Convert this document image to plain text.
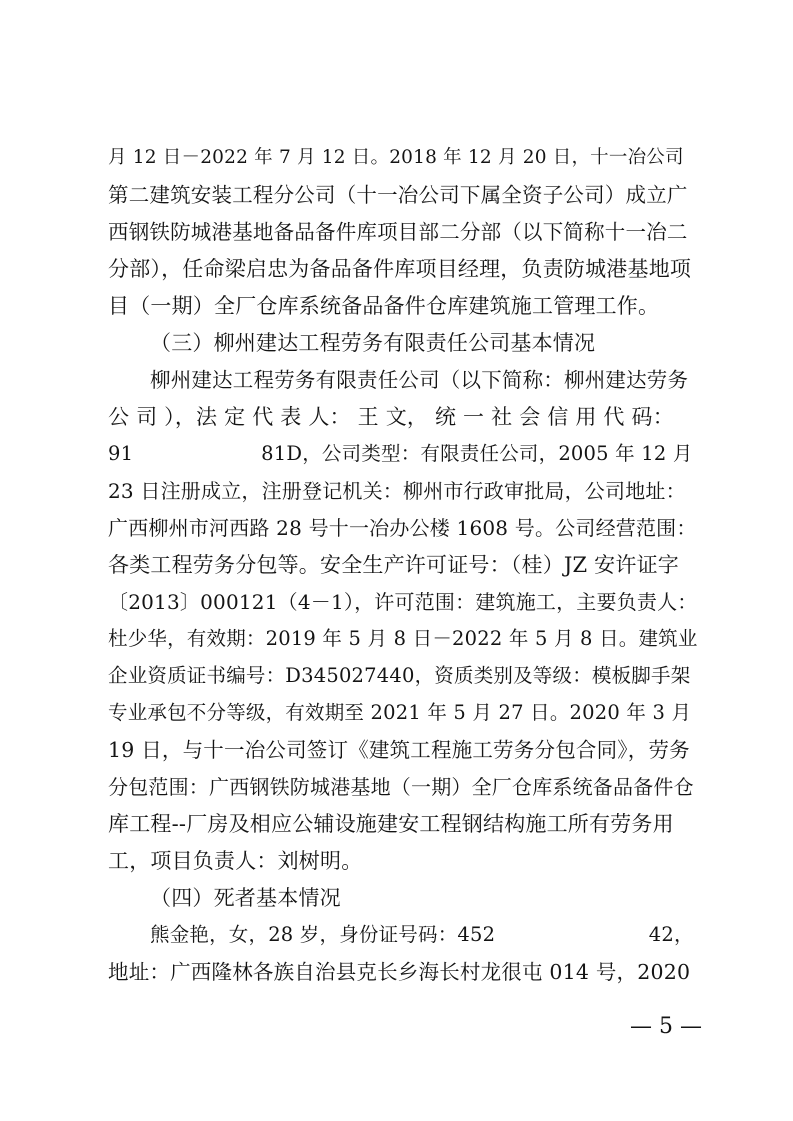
月 12 日－2022 年 7 月 12 日。2018 年 12 月 20 日，十一冶公司
第二建筑安装工程分公司（十一冶公司下属全资子公司）成立广
西钢铁防城港基地备品备件库项目部二分部（以下简称十一冶二
分部），任命梁启忠为备品备件库项目经理，负责防城港基地项
目（一期）全厂仓库系统备品备件仓库建筑施工管理工作。
（三）柳州建达工程劳务有限责任公司基本情况
柳州建达工程劳务有限责任公司（以下简称：柳州建达劳务
公 司 ），法 定 代 表 人： 王 文， 统 一 社 会 信 用 代 码：
91                    81D，公司类型：有限责任公司，2005 年 12 月
23 日注册成立，注册登记机关：柳州市行政审批局，公司地址：
广西柳州市河西路 28 号十一冶办公楼 1608 号。公司经营范围：
各类工程劳务分包等。安全生产许可证号：（桂）JZ 安许证字
〔2013〕000121（4－1），许可范围：建筑施工，主要负责人：
杜少华，有效期：2019 年 5 月 8 日－2022 年 5 月 8 日。建筑业
企业资质证书编号：D345027440，资质类别及等级：模板脚手架
专业承包不分等级，有效期至 2021 年 5 月 27 日。2020 年 3 月
19 日，与十一冶公司签订《建筑工程施工劳务分包合同》，劳务
分包范围：广西钢铁防城港基地（一期）全厂仓库系统备品备件仓
库工程--厂房及相应公辅设施建安工程钢结构施工所有劳务用
工，项目负责人：刘树明。
（四）死者基本情况
熊金艳，女，28 岁，身份证号码：452                        42，
地址：广西隆林各族自治县克长乡海长村龙很屯 014 号，2020
— 5 —
